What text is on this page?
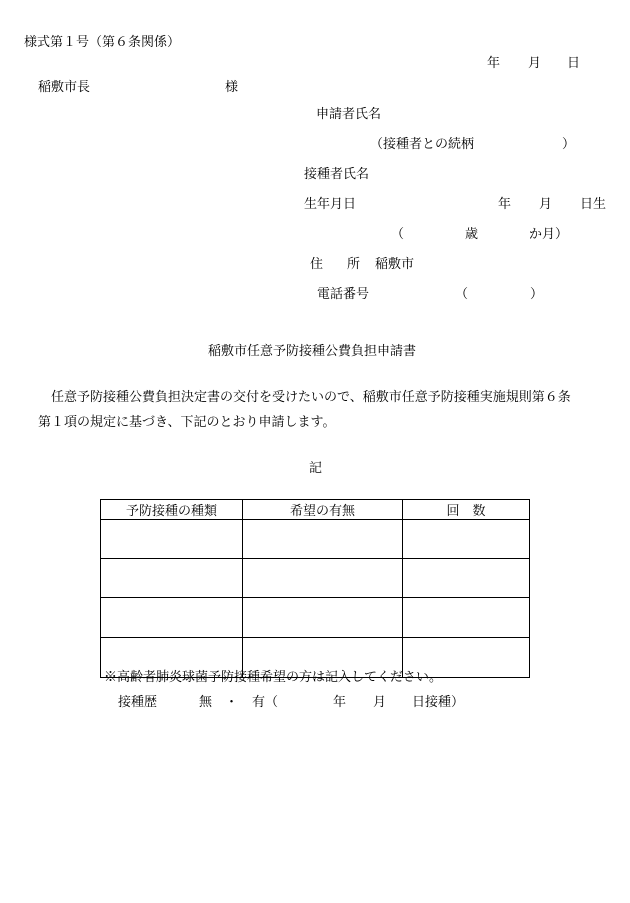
様式第１号（第６条関係）
年 月 日
稲敷市長	様
申請者氏名
（接種者との続柄	）
接種者氏名
生年月日	年 月 日生
（	歳	か月）
住 所 稲敷市
電話番号	（	）
稲敷市任意予防接種公費負担申請書
任意予防接種公費負担決定書の交付を受けたいので、稲敷市任意予防接種実施規則第６条
第１項の規定に基づき、下記のとおり申請します。
記
予防接種の種類	希望の有無	回　数

※高齢者肺炎球菌予防接種希望の方は記入してください。
接種歴	無 ・ 有（	年 月 日接種）
